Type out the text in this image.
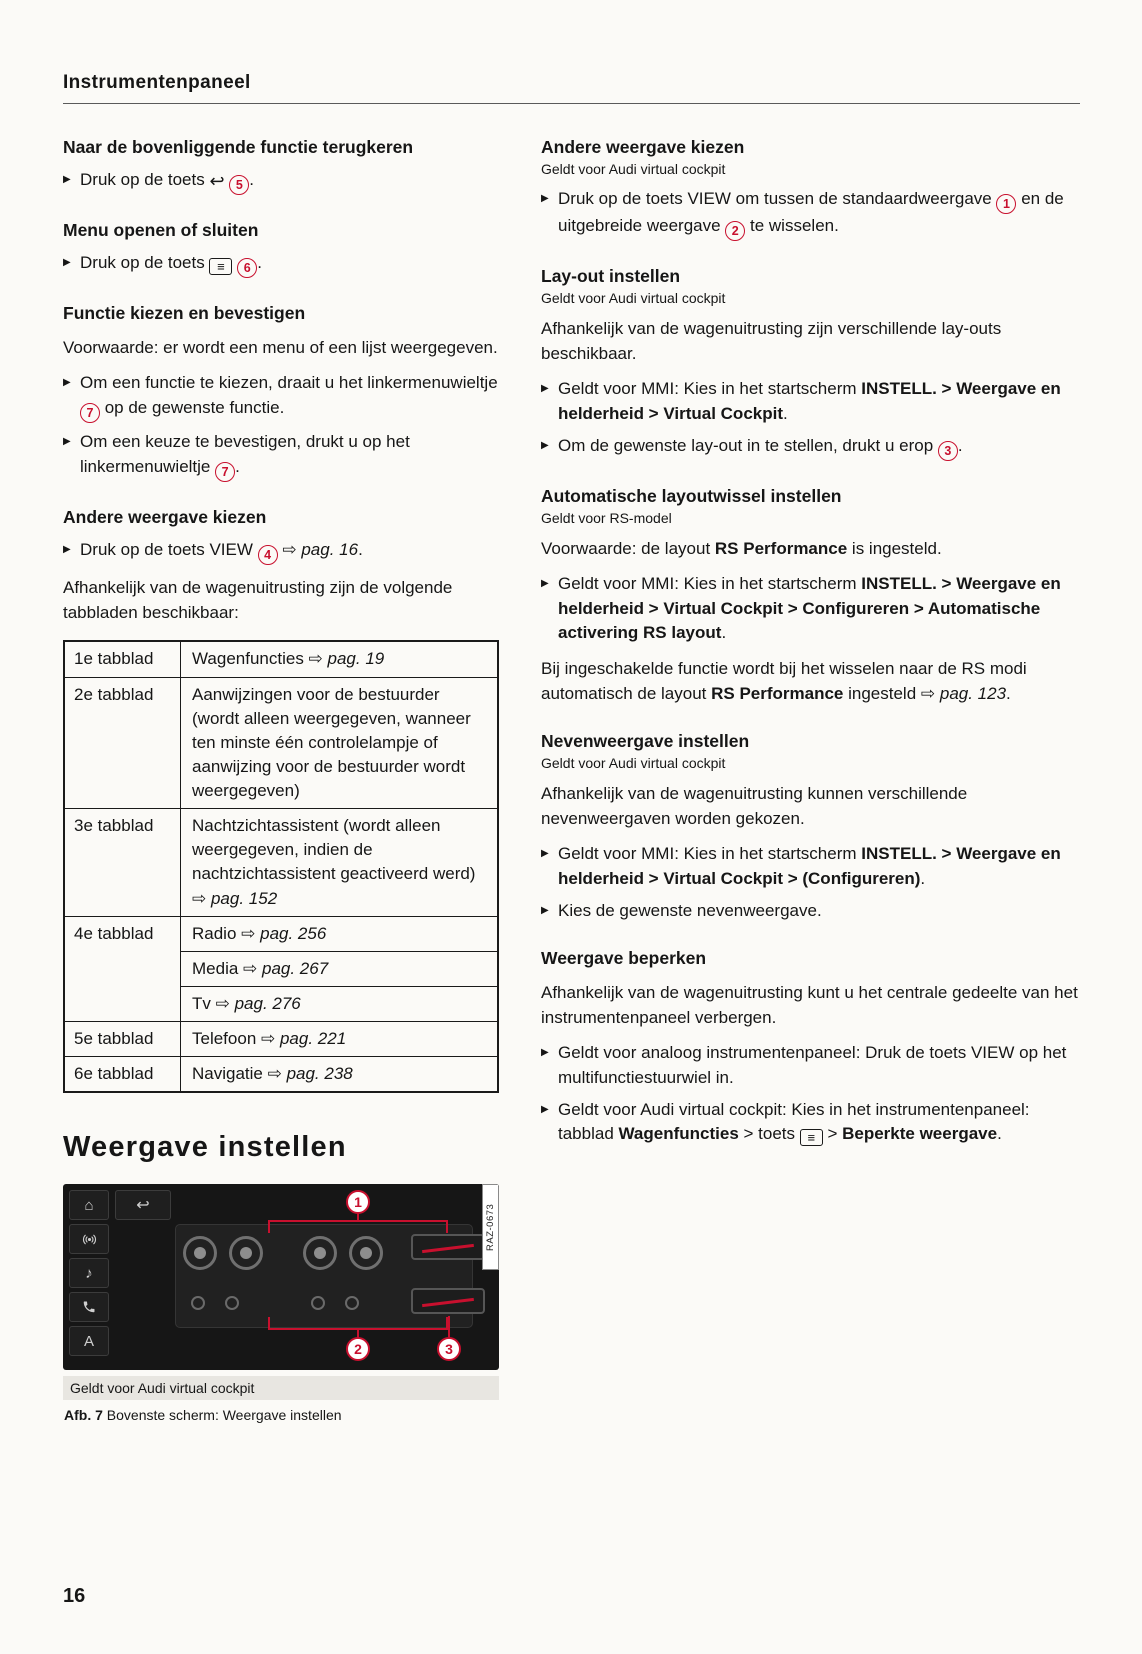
Instrumentenpaneel
Naar de bovenliggende functie terugkeren
▶ Druk op de toets ↩ 5 .
Menu openen of sluiten
▶ Druk op de toets ≡ 6 .
Functie kiezen en bevestigen

Voorwaarde: er wordt een menu of een lijst weergegeven.

▶ Om een functie te kiezen, draait u het linkermenuwieltje 7 op de gewenste functie.
▶ Om een keuze te bevestigen, drukt u op het linkermenuwieltje 7 .
Andere weergave kiezen
▶ Druk op de toets VIEW 4 ⇨ pag. 16.

Afhankelijk van de wagenuitrusting zijn de volgende tabbladen beschikbaar:

1e tabblad	Wagenfuncties ⇨ pag. 19
2e tabblad	Aanwijzingen voor de bestuurder (wordt alleen weergegeven, wanneer ten minste één controlelampje of aanwijzing voor de bestuurder wordt weergegeven)
3e tabblad	Nachtzichtassistent (wordt alleen weergegeven, indien de nachtzichtassistent geactiveerd werd) ⇨ pag. 152
4e tabblad	Radio ⇨ pag. 256
Media ⇨ pag. 267
Tv ⇨ pag. 276
5e tabblad	Telefoon ⇨ pag. 221
6e tabblad	Navigatie ⇨ pag. 238
Weergave instellen
⌂
♪
A
↩	1
2	3
RAZ-0673
Geldt voor Audi virtual cockpit
Afb. 7 Bovenste scherm: Weergave instellen
Andere weergave kiezen
Geldt voor Audi virtual cockpit
▶ Druk op de toets VIEW om tussen de standaardweergave 1 en de uitgebreide weergave 2 te wisselen.
Lay-out instellen
Geldt voor Audi virtual cockpit

Afhankelijk van de wagenuitrusting zijn verschillende lay-outs beschikbaar.

▶ Geldt voor MMI: Kies in het startscherm INSTELL. > Weergave en helderheid > Virtual Cockpit.
▶ Om de gewenste lay-out in te stellen, drukt u erop 3 .
Automatische layoutwissel instellen
Geldt voor RS-model

Voorwaarde: de layout RS Performance is ingesteld.

▶ Geldt voor MMI: Kies in het startscherm INSTELL. > Weergave en helderheid > Virtual Cockpit > Configureren > Automatische activering RS layout.

Bij ingeschakelde functie wordt bij het wisselen naar de RS modi automatisch de layout RS Performance ingesteld ⇨ pag. 123.

Nevenweergave instellen
Geldt voor Audi virtual cockpit

Afhankelijk van de wagenuitrusting kunnen verschillende nevenweergaven worden gekozen.

▶ Geldt voor MMI: Kies in het startscherm INSTELL. > Weergave en helderheid > Virtual Cockpit > (Configureren).
▶ Kies de gewenste nevenweergave.
Weergave beperken

Afhankelijk van de wagenuitrusting kunt u het centrale gedeelte van het instrumentenpaneel verbergen.

▶ Geldt voor analoog instrumentenpaneel: Druk de toets VIEW op het multifunctiestuurwiel in.
▶ Geldt voor Audi virtual cockpit: Kies in het instrumentenpaneel: tabblad Wagenfuncties > toets ≡ > Beperkte weergave.
16
